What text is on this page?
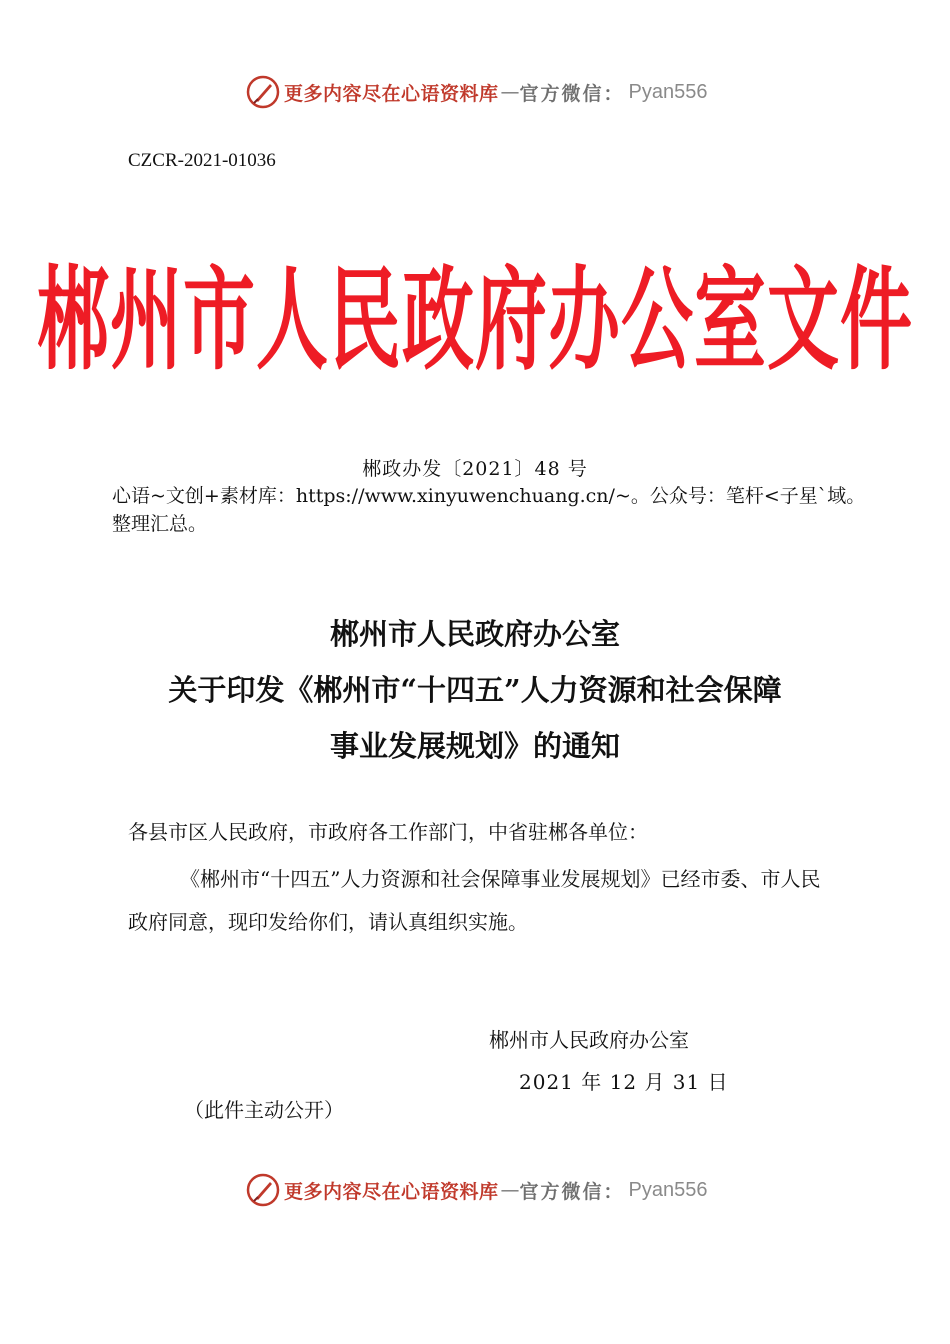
更多内容尽在心语资料库 — 官方微信： Pyan556
CZCR-2021-01036
郴州市人民政府办公室文件
郴政办发〔2021〕48 号
心语~文创+素材库：https://www.xinyuwenchuang.cn/~。公众号：笔杆<子星`域。整理汇总。
郴州市人民政府办公室
关于印发《郴州市“十四五”人力资源和社会保障
事业发展规划》的通知
各县市区人民政府，市政府各工作部门，中省驻郴各单位：
《郴州市“十四五”人力资源和社会保障事业发展规划》已经市委、市人民政府同意，现印发给你们，请认真组织实施。
郴州市人民政府办公室
2021 年 12 月 31 日
（此件主动公开）
更多内容尽在心语资料库 — 官方微信： Pyan556
